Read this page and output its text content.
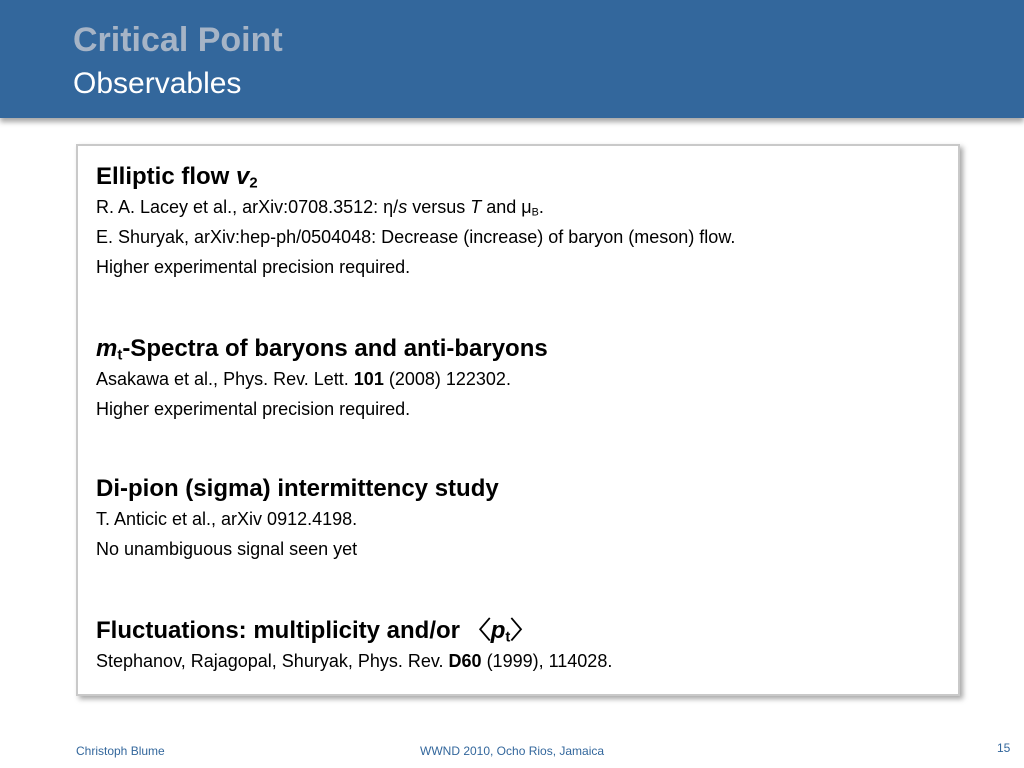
Critical Point
Observables
Elliptic flow $v_2$
R. A. Lacey et al., arXiv:0708.3512: η/s versus T and $\mu_B$.
E. Shuryak, arXiv:hep-ph/0504048: Decrease (increase) of baryon (meson) flow.
Higher experimental precision required.
$m_t$-Spectra of baryons and anti-baryons
Asakawa et al., Phys. Rev. Lett. 101 (2008) 122302.
Higher experimental precision required.
Di-pion (sigma) intermittency study
T. Anticic et al., arXiv 0912.4198.
No unambiguous signal seen yet
Fluctuations: multiplicity and/or 〈$p_t$〉
Stephanov, Rajagopal, Shuryak, Phys. Rev. D60 (1999), 114028.
Christoph Blume	WWND 2010, Ocho Rios, Jamaica	15
